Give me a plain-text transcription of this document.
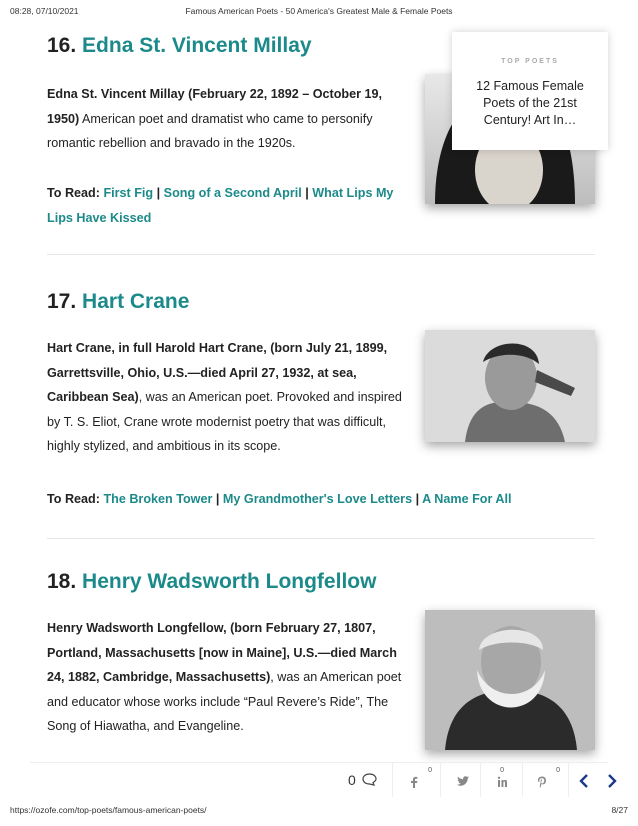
08:28, 07/10/2021	Famous American Poets - 50 America's Greatest Male & Female Poets
16. Edna St. Vincent Millay
Edna St. Vincent Millay (February 22, 1892 – October 19, 1950) American poet and dramatist who came to personify romantic rebellion and bravado in the 1920s.
To Read: First Fig | Song of a Second April | What Lips My Lips Have Kissed
17. Hart Crane
Hart Crane, in full Harold Hart Crane, (born July 21, 1899, Garrettsville, Ohio, U.S.—died April 27, 1932, at sea, Caribbean Sea), was an American poet. Provoked and inspired by T. S. Eliot, Crane wrote modernist poetry that was difficult, highly stylized, and ambitious in its scope.
To Read: The Broken Tower | My Grandmother's Love Letters | A Name For All
18. Henry Wadsworth Longfellow
Henry Wadsworth Longfellow, (born February 27, 1807, Portland, Massachusetts [now in Maine], U.S.—died March 24, 1882, Cambridge, Massachusetts), was an American poet and educator whose works include “Paul Revere’s Ride”, The Song of Hiawatha, and Evangeline.
TOP POETS
12 Famous Female Poets of the 21st Century! Art In…
0
0	0	0
https://ozofe.com/top-poets/famous-american-poets/	8/27
